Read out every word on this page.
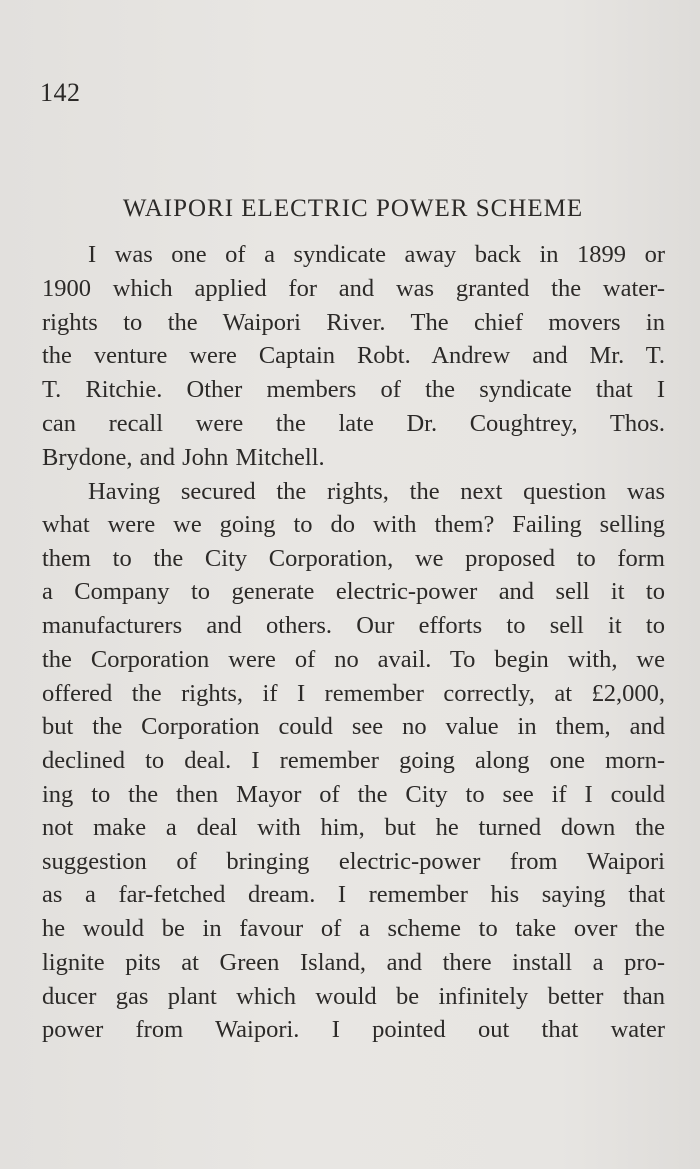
142
WAIPORI ELECTRIC POWER SCHEME
I was one of a syndicate away back in 1899 or
1900 which applied for and was granted the water-
rights to the Waipori River. The chief movers in
the venture were Captain Robt. Andrew and Mr. T.
T. Ritchie. Other members of the syndicate that I
can recall were the late Dr. Coughtrey, Thos.
Brydone, and John Mitchell.
Having secured the rights, the next question was
what were we going to do with them? Failing selling
them to the City Corporation, we proposed to form
a Company to generate electric-power and sell it to
manufacturers and others. Our efforts to sell it to
the Corporation were of no avail. To begin with, we
offered the rights, if I remember correctly, at £2,000,
but the Corporation could see no value in them, and
declined to deal. I remember going along one morn-
ing to the then Mayor of the City to see if I could
not make a deal with him, but he turned down the
suggestion of bringing electric-power from Waipori
as a far-fetched dream. I remember his saying that
he would be in favour of a scheme to take over the
lignite pits at Green Island, and there install a pro-
ducer gas plant which would be infinitely better than
power from Waipori. I pointed out that water
